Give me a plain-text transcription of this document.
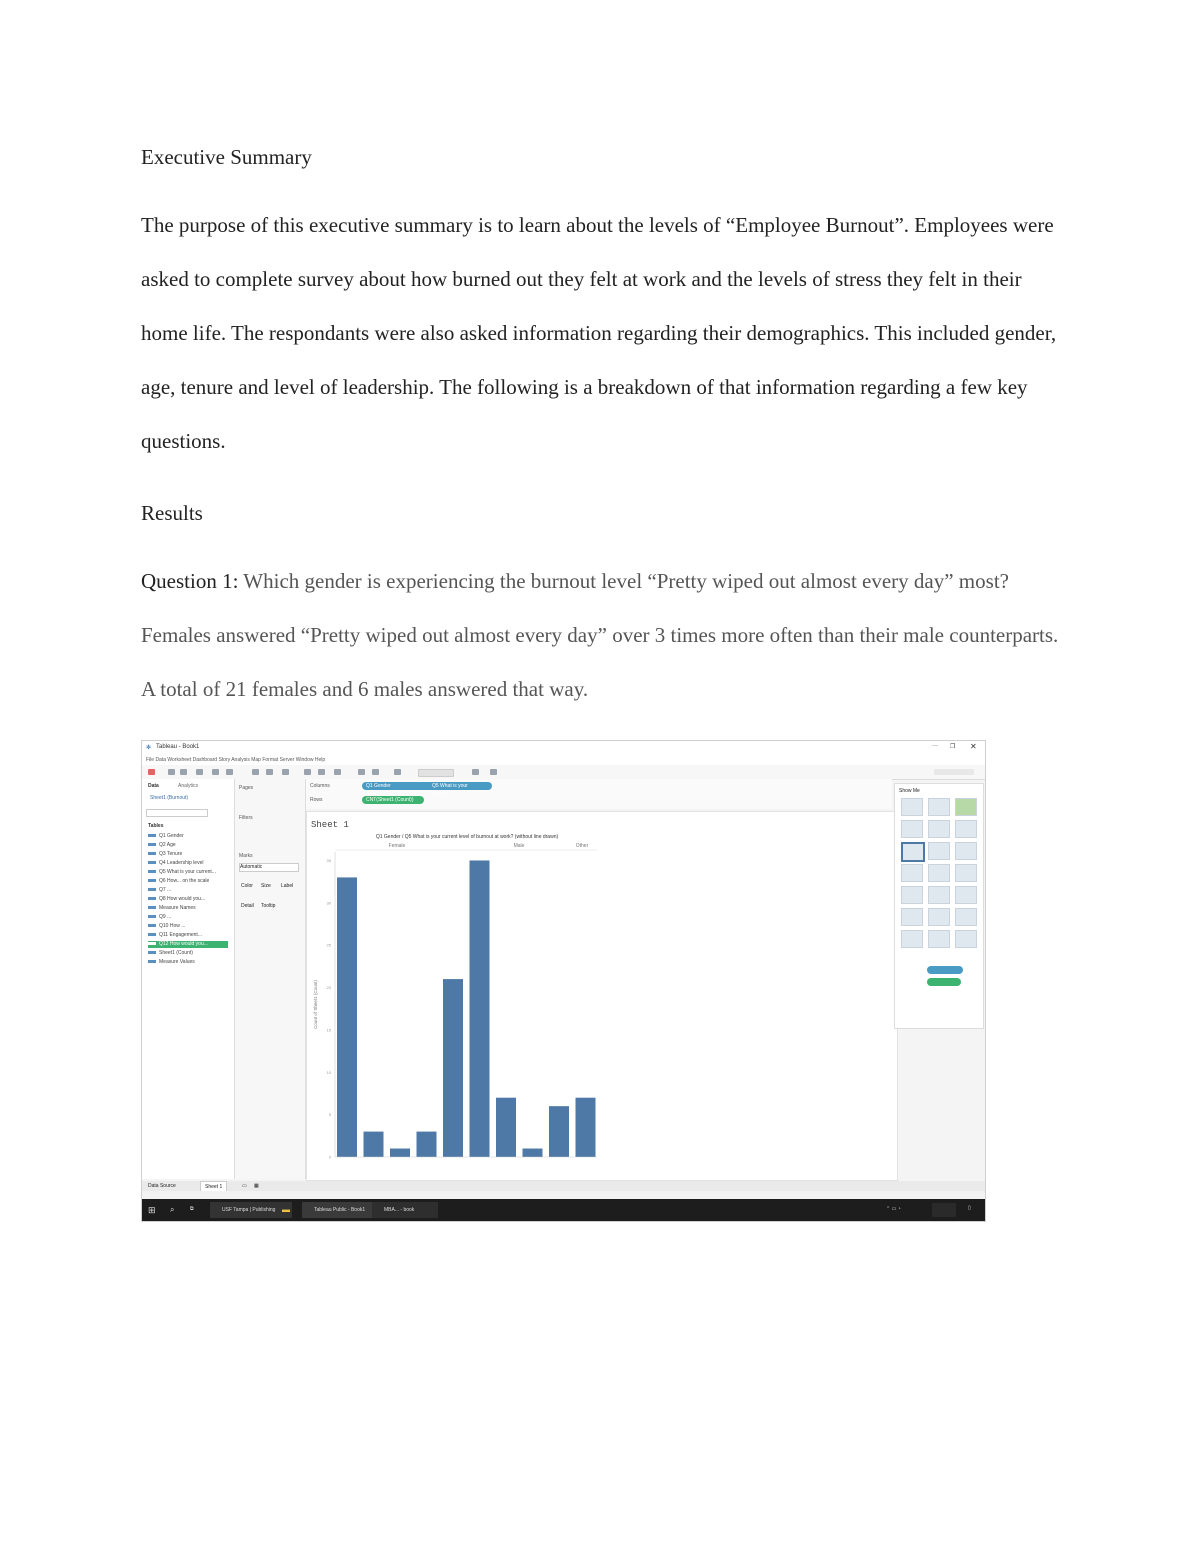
Executive Summary

The purpose of this executive summary is to learn about the levels of “Employee Burnout”. Employees were asked to complete survey about how burned out they felt at work and the levels of stress they felt in their home life. The respondants were also asked information regarding their demographics. This included gender, age, tenure and level of leadership. The following is a breakdown of that information regarding a few key questions.

Results

Question 1: Which gender is experiencing the burnout level “Pretty wiped out almost every day” most? Females answered “Pretty wiped out almost every day” over 3 times more often than their male counterparts. A total of 21 females and 6 males answered that way.

✻ Tableau - Book1	— ❐ ✕
File Data Worksheet Dashboard Story Analysis Map Format Server Window Help
Data	Analytics
Sheet1 (Burnout)
Tables
Q1 Gender
Q2 Age
Q3 Tenure
Q4 Leadership level
Q5 What is your current...
Q6 How... on the scale
Q7 ...
Q8 How would you...
Measure Names
Q9 ...
Q10 How ...
Q11 Engagement...
Q12 How would you...
Sheet1 (Count)
Measure Values
Pages
Filters
Marks
Automatic
Color Size Label
Detail Tooltip
Columns	Q1 Gender	Q5 What is your current...
Rows	CNT(Sheet1 (Count))
Sheet 1
Q1 Gender / Q5 What is your current level of burnout at work? (without line drawn)
Female	Male	Other
0
5
10
15
20
25
30
35
Count of Sheet1 (Count)
Show Me
Data Source	Sheet 1	▭ ▦
⊞ ⌕	⧉	USF Tampa | Publishing ▬	Tableau Public - Book1	MBA... - book	⌃ ▭ ◔	▯
